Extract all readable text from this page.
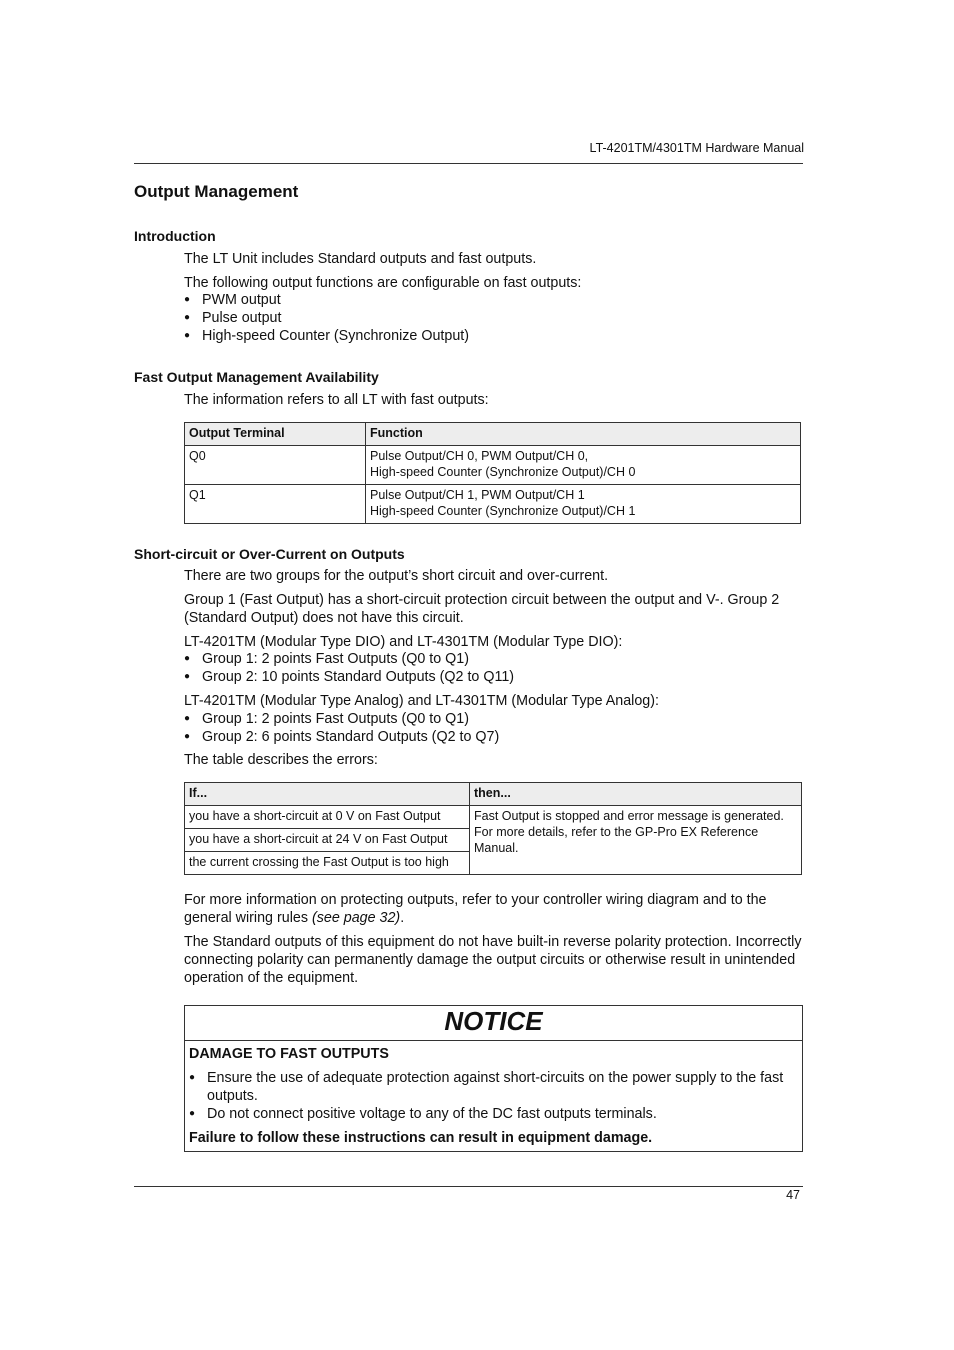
LT-4201TM/4301TM Hardware Manual
Output Management
Introduction
The LT Unit includes Standard outputs and fast outputs.
The following output functions are configurable on fast outputs:
● PWM output
● Pulse output
● High-speed Counter (Synchronize Output)
Fast Output Management Availability
The information refers to all LT with fast outputs:
Output Terminal	Function
Q0	Pulse Output/CH 0, PWM Output/CH 0,
High-speed Counter (Synchronize Output)/CH 0

Q1	Pulse Output/CH 1, PWM Output/CH 1
High-speed Counter (Synchronize Output)/CH 1
Short-circuit or Over-Current on Outputs
There are two groups for the output’s short circuit and over-current.
Group 1 (Fast Output) has a short-circuit protection circuit between the output and V-. Group 2 (Standard Output) does not have this circuit.
LT-4201TM (Modular Type DIO) and LT-4301TM (Modular Type DIO):
● Group 1: 2 points Fast Outputs (Q0 to Q1)
● Group 2: 10 points Standard Outputs (Q2 to Q11)
LT-4201TM (Modular Type Analog) and LT-4301TM (Modular Type Analog):
● Group 1: 2 points Fast Outputs (Q0 to Q1)
● Group 2: 6 points Standard Outputs (Q2 to Q7)
The table describes the errors:
If...	then...
you have a short-circuit at 0 V on Fast Output	Fast Output is stopped and error message is generated.
For more details, refer to the GP-Pro EX Reference Manual.

you have a short-circuit at 24 V on Fast Output	
the current crossing the Fast Output is too high	
For more information on protecting outputs, refer to your controller wiring diagram and to the general wiring rules (see page 32).
The Standard outputs of this equipment do not have built-in reverse polarity protection. Incorrectly connecting polarity can permanently damage the output circuits or otherwise result in unintended operation of the equipment.
NOTICE
DAMAGE TO FAST OUTPUTS
● Ensure the use of adequate protection against short-circuits on the power supply to the fast outputs.
● Do not connect positive voltage to any of the DC fast outputs terminals.
Failure to follow these instructions can result in equipment damage.
47
